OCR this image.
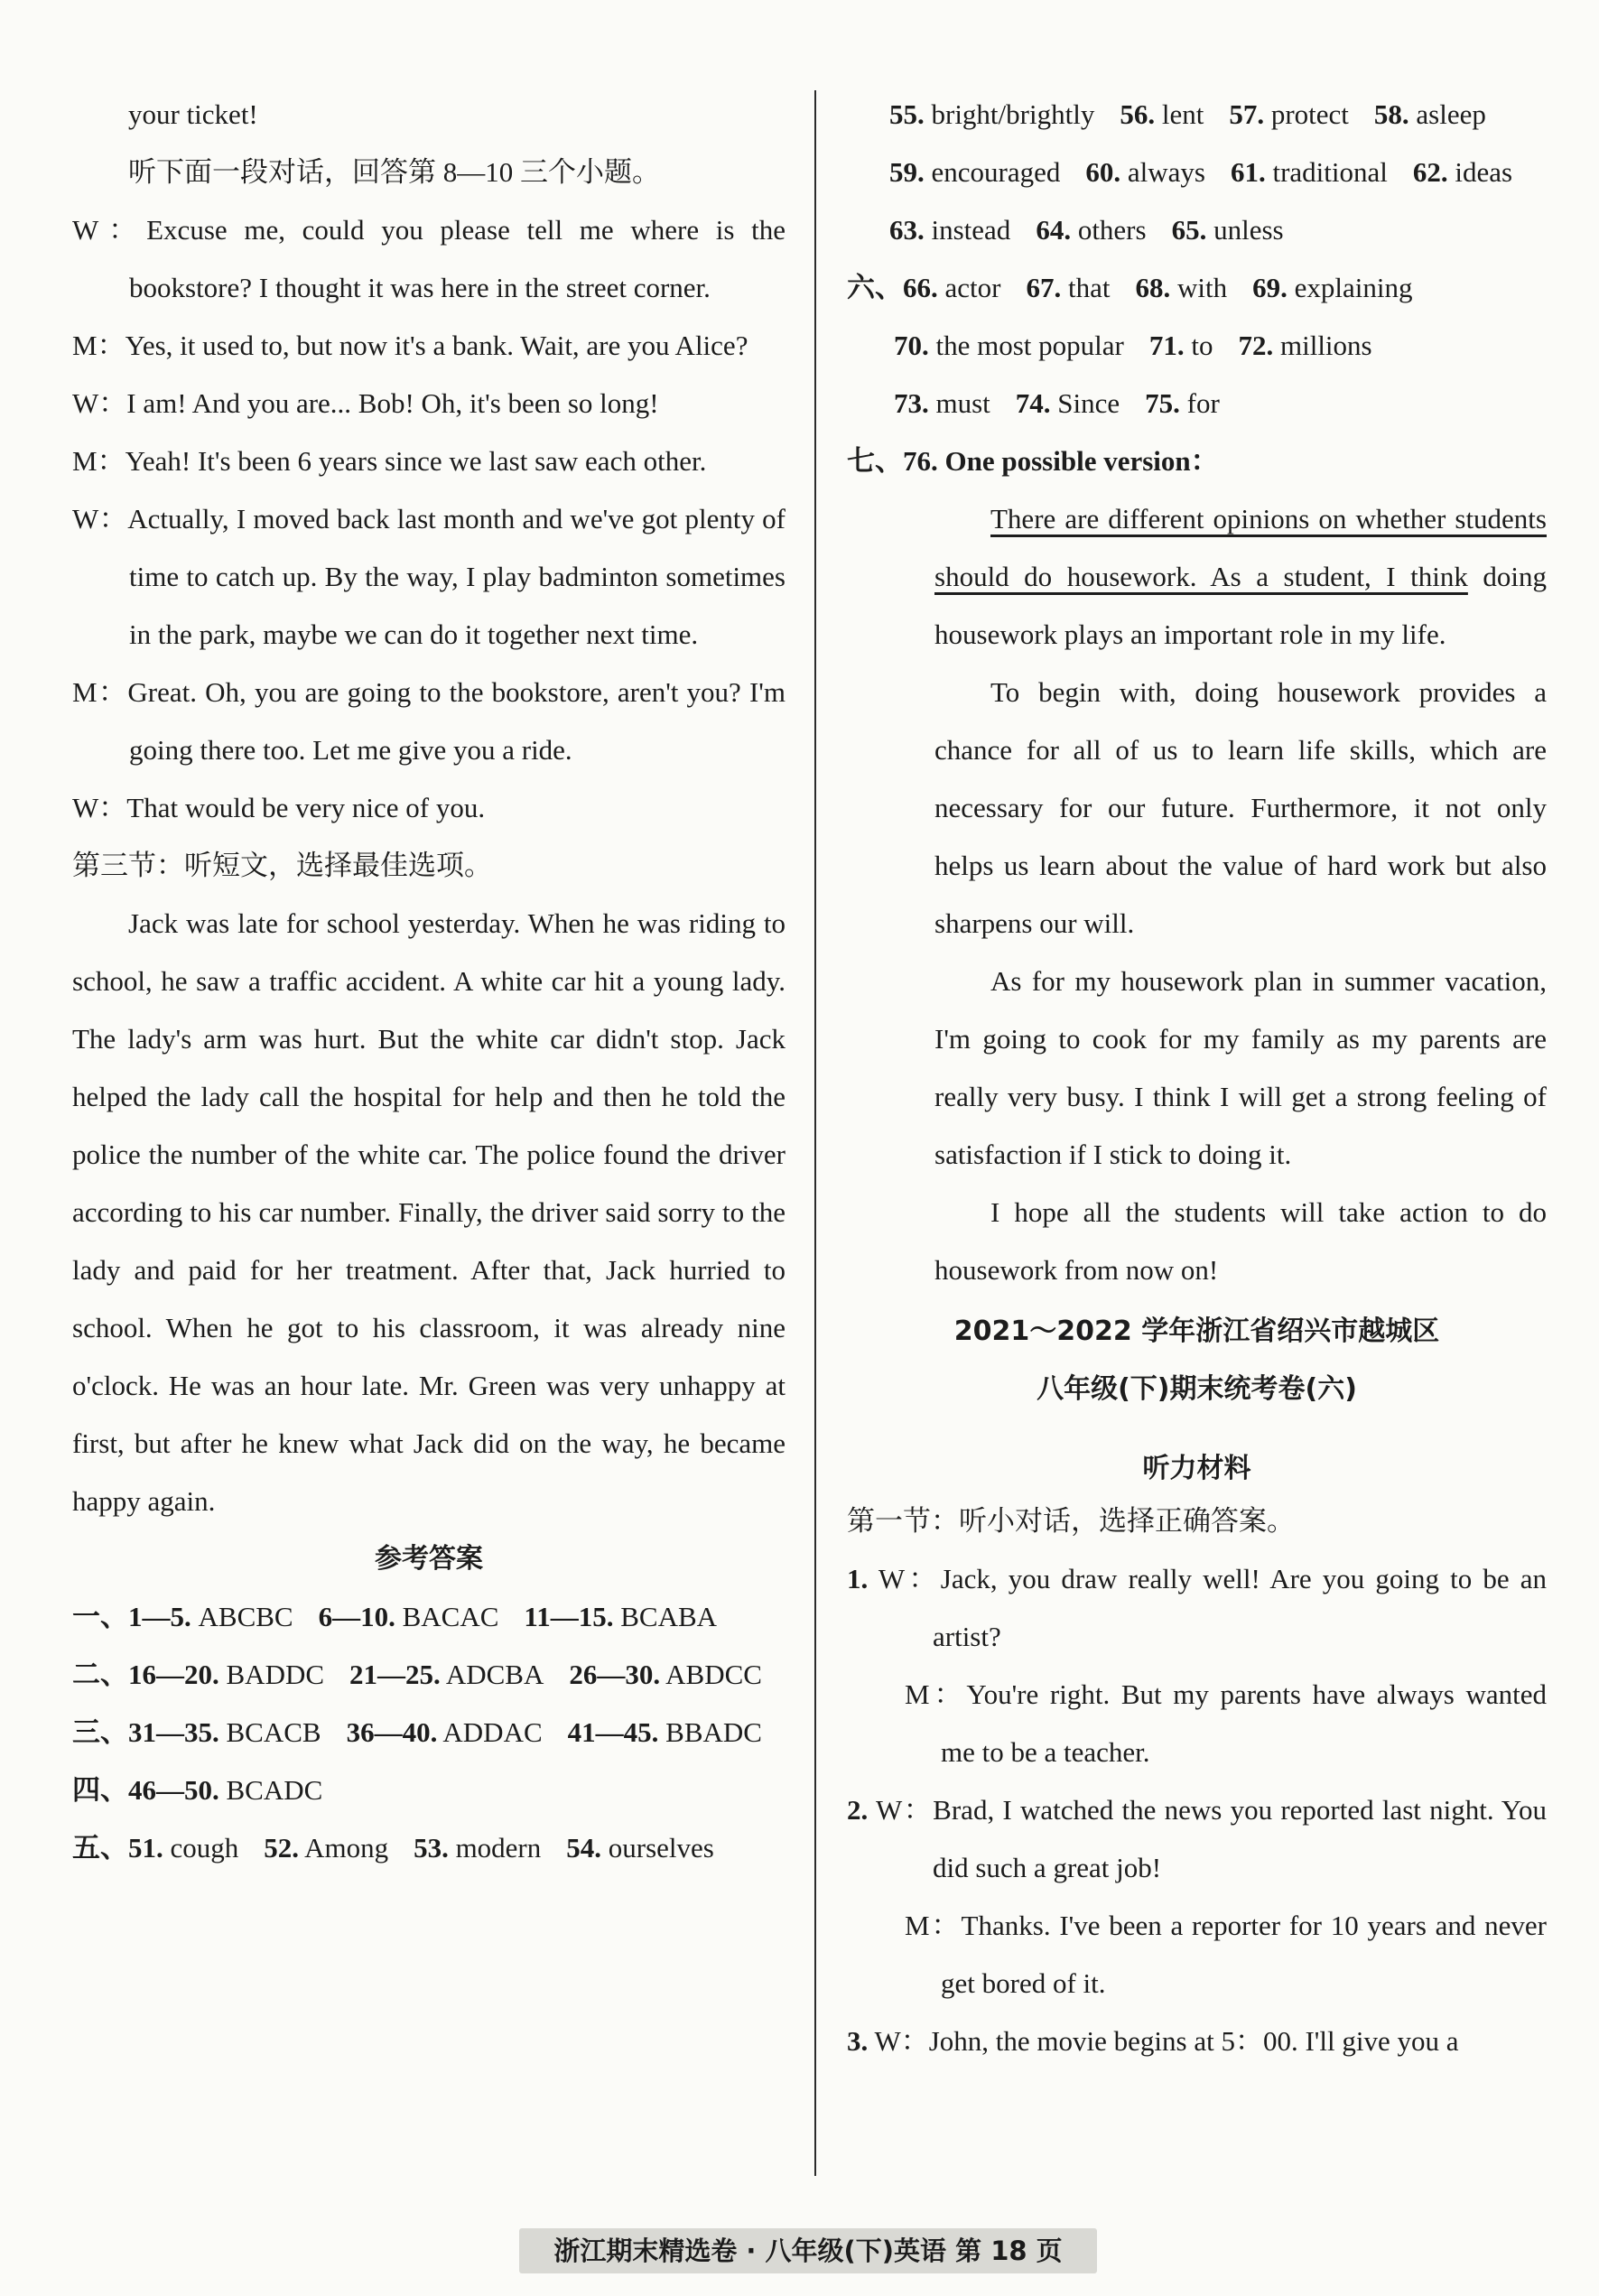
your ticket!

听下面一段对话，回答第 8—10 三个小题。

W：Excuse me, could you please tell me where is the bookstore? I thought it was here in the street corner.

M：Yes, it used to, but now it's a bank. Wait, are you Alice?

W：I am! And you are... Bob! Oh, it's been so long!

M：Yeah! It's been 6 years since we last saw each other.

W：Actually, I moved back last month and we've got plenty of time to catch up. By the way, I play badminton sometimes in the park, maybe we can do it together next time.

M：Great. Oh, you are going to the bookstore, aren't you? I'm going there too. Let me give you a ride.

W：That would be very nice of you.

第三节：听短文，选择最佳选项。

Jack was late for school yesterday. When he was riding to school, he saw a traffic accident. A white car hit a young lady. The lady's arm was hurt. But the white car didn't stop. Jack helped the lady call the hospital for help and then he told the police the number of the white car. The police found the driver according to his car number. Finally, the driver said sorry to the lady and paid for her treatment. After that, Jack hurried to school. When he got to his classroom, it was already nine o'clock. He was an hour late. Mr. Green was very unhappy at first, but after he knew what Jack did on the way, he became happy again.

参考答案

一、1—5. ABCBC 6—10. BACAC 11—15. BCABA

二、16—20. BADDC 21—25. ADCBA 26—30. ABDCC

三、31—35. BCACB 36—40. ADDAC 41—45. BBADC

四、46—50. BCADC

五、51. cough 52. Among 53. modern 54. ourselves

55. bright/brightly 56. lent 57. protect 58. asleep

59. encouraged 60. always 61. traditional 62. ideas

63. instead 64. others 65. unless

六、66. actor 67. that 68. with 69. explaining

70. the most popular 71. to 72. millions

73. must 74. Since 75. for

七、76. One possible version：

There are different opinions on whether students should do housework. As a student, I think doing housework plays an important role in my life.

To begin with, doing housework provides a chance for all of us to learn life skills, which are necessary for our future. Furthermore, it not only helps us learn about the value of hard work but also sharpens our will.

As for my housework plan in summer vacation, I'm going to cook for my family as my parents are really very busy. I think I will get a strong feeling of satisfaction if I stick to doing it.

I hope all the students will take action to do housework from now on!

2021～2022 学年浙江省绍兴市越城区

八年级(下)期末统考卷(六)

听力材料

第一节：听小对话，选择正确答案。

1. W：Jack, you draw really well! Are you going to be an artist?

M：You're right. But my parents have always wanted me to be a teacher.

2. W：Brad, I watched the news you reported last night. You did such a great job!

M：Thanks. I've been a reporter for 10 years and never get bored of it.

3. W：John, the movie begins at 5：00. I'll give you a

浙江期末精选卷 · 八年级(下)英语 第 18 页
